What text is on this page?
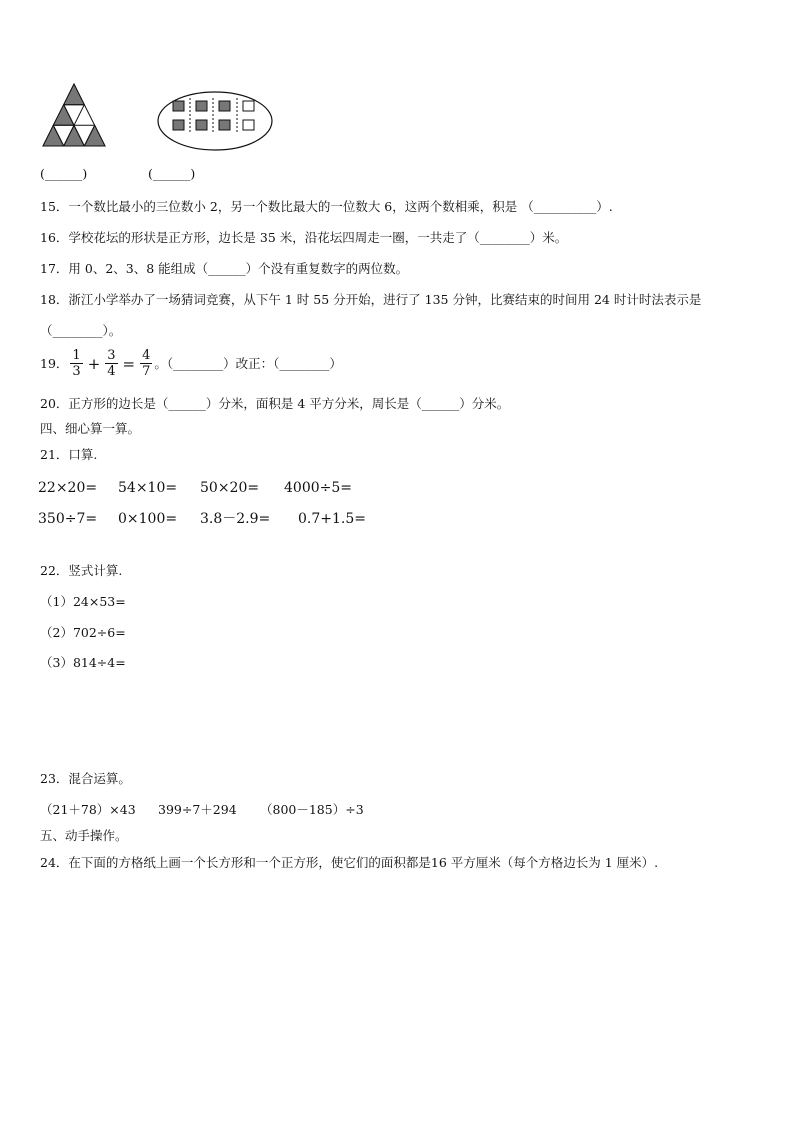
(______)	(______)
15．一个数比最小的三位数小 2，另一个数比最大的一位数大 6，这两个数相乘，积是 （__________）.
16．学校花坛的形状是正方形，边长是 35 米，沿花坛四周走一圈，一共走了（________）米。
17．用 0、2、3、8 能组成（______）个没有重复数字的两位数。
18．浙江小学举办了一场猜词竞赛，从下午 1 时 55 分开始，进行了 135 分钟，比赛结束的时间用 24 时计时法表示是
（________）。
19． $\frac{1}{3} + \frac{3}{4} = \frac{4}{7}$ 。（________）改正：（________）
20．正方形的边长是（______）分米，面积是 4 平方分米，周长是（______）分米。
四、细心算一算。
21．口算.
22×20= 54×10= 50×20= 4000÷5=
350÷7= 0×100= 3.8－2.9= 0.7+1.5=
22．竖式计算.
（1）24×53=
（2）702÷6=
（3）814÷4=
23．混合运算。
（21＋78）×43 399÷7＋294 （800－185）÷3
五、动手操作。
24．在下面的方格纸上画一个长方形和一个正方形，使它们的面积都是16 平方厘米（每个方格边长为 1 厘米）.
